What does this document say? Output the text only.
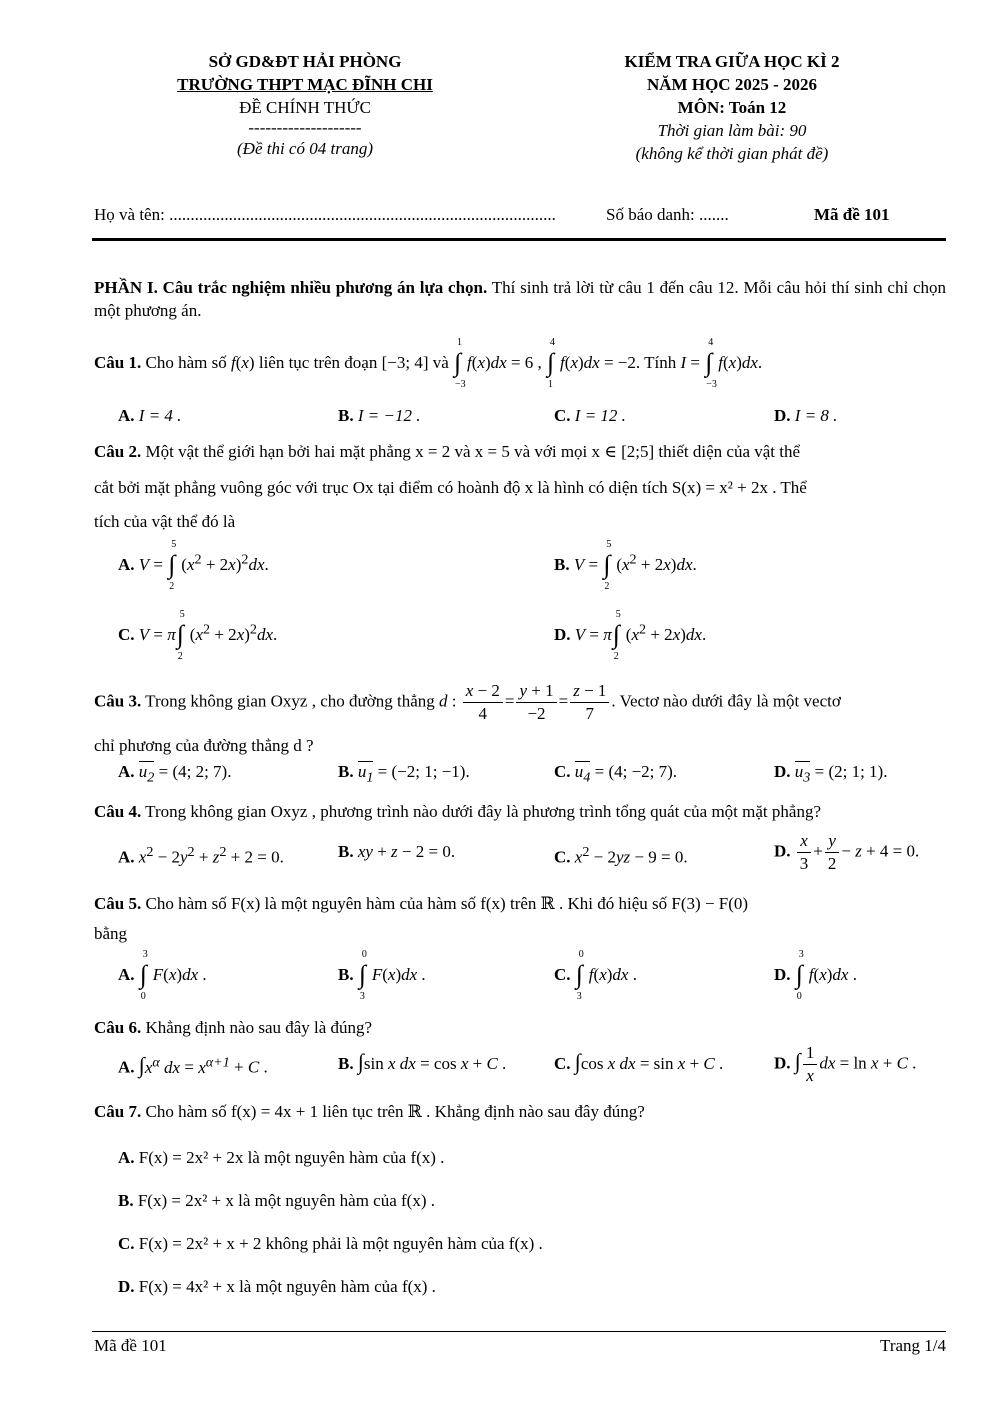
SỞ GD&ĐT HẢI PHÒNG
TRƯỜNG THPT MẠC ĐĨNH CHI
ĐỀ CHÍNH THỨC
--------------------
(Đề thi có 04 trang)
KIỂM TRA GIỮA HỌC KÌ 2
NĂM HỌC 2025 - 2026
MÔN: Toán 12
Thời gian làm bài: 90
(không kể thời gian phát đề)
Họ và tên: ...........................................................................................	Số báo danh: .......	Mã đề 101
PHẦN I. Câu trắc nghiệm nhiều phương án lựa chọn. Thí sinh trả lời từ câu 1 đến câu 12. Mỗi câu hỏi thí sinh chỉ chọn một phương án.
Câu 1. Cho hàm số f(x) liên tục trên đoạn [−3; 4] và
1
∫
−3
f(x)dx = 6 ,
4
∫
1
f(x)dx = −2. Tính I =
4
∫
−3
f(x)dx.
A. I = 4 .	B. I = −12 .	C. I = 12 .	D. I = 8 .
Câu 2. Một vật thể giới hạn bởi hai mặt phẳng x = 2 và x = 5 và với mọi x ∈ [2;5] thiết diện của vật thể
cắt bởi mặt phẳng vuông góc với trục Ox tại điểm có hoành độ x là hình có diện tích S(x) = x² + 2x . Thể
tích của vật thể đó là
A. V =
5
∫
2
$(x^2 + 2x)^2dx$.	B. V =
5
∫
2
$(x^2 + 2x)dx$.
C. V = π
5
∫
2
$(x^2 + 2x)^2dx$.	D. V = π
5
∫
2
$(x^2 + 2x)dx$.
Câu 3. Trong không gian Oxyz , cho đường thẳng d : $\frac{x - 2}{4} = \frac{y + 1}{-2} = \frac{z - 1}{7}$ . Vectơ nào dưới đây là một vectơ
chỉ phương của đường thẳng d ?
A. $u_2 = (4$; 2; 7).	B. $u_1 = (-2$; 1; −1).	C. $u_4 = (4$; −2; 7).	D. $u_3 = (2$; 1; 1).
Câu 4. Trong không gian Oxyz , phương trình nào dưới đây là phương trình tổng quát của một mặt phẳng?
A. $x^2 - 2y^2 + z^2 + 2 = 0$.	B. xy + z − 2 = 0.	C. $x^2 - 2yz - 9 = 0$.	D. $\frac{x}{3} + \frac{y}{2} - z + 4 = 0$.
Câu 5. Cho hàm số F(x) là một nguyên hàm của hàm số f(x) trên ℝ . Khi đó hiệu số F(3) − F(0)
bằng
A.
3
∫
0
F(x)dx .	B.
0
∫
3
F(x)dx .	C.
0
∫
3
f(x)dx .	D.
3
∫
0
f(x)dx .
Câu 6. Khẳng định nào sau đây là đúng?
A. $\int x^\alpha$ dx = $x^{\alpha+1} + C$ .	B. ∫sin x dx = cos x + C .	C. ∫cos x dx = sin x + C .	D. ∫ $\frac{1}{x}$ dx = ln x + C .
Câu 7. Cho hàm số f(x) = 4x + 1 liên tục trên ℝ . Khẳng định nào sau đây đúng?
A. F(x) = 2x² + 2x là một nguyên hàm của f(x) .
B. F(x) = 2x² + x là một nguyên hàm của f(x) .
C. F(x) = 2x² + x + 2 không phải là một nguyên hàm của f(x) .
D. F(x) = 4x² + x là một nguyên hàm của f(x) .
Mã đề 101	Trang 1/4
